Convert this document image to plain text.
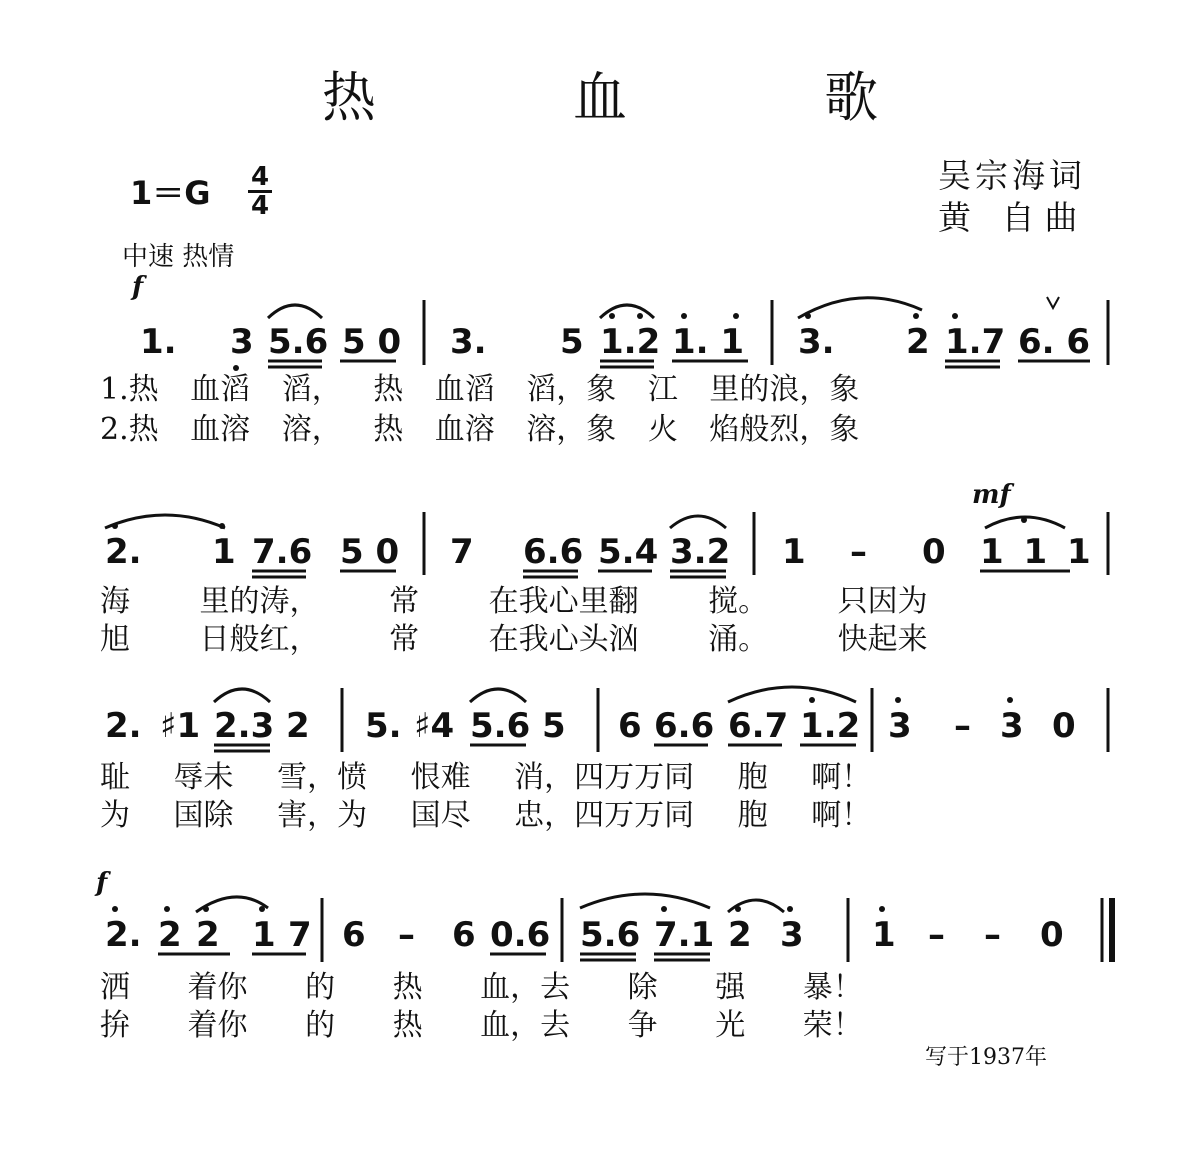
热 血 歌
吴宗海词
黄 自曲
1＝G 4
4
中速 热情
f
mf
f
1. 3 5.6 5 0 3. 5 1.2 1. 1 3. 2 1.7 6. 6
1.热 血滔 滔， 热 血滔 滔，象 江 里的浪，象
2.热 血溶 溶， 热 血溶 溶，象 火 焰般烈，象
2. 1 7.6 5 0 7 6.6 5.4 3.2 1 – 0 1 1 1
海 里的涛， 常 在我心里翻 搅。 只因为
旭 日般红， 常 在我心头汹 涌。 快起来
2. ♯1 2.3 2 5. ♯4 5.6 5 6 6.6 6.7 1.2 3 – 3 0
耻 辱未 雪，愤 恨难 消，四万万同 胞 啊！
为 国除 害，为 国尽 忠，四万万同 胞 啊！
2. 2 2 1 7 6 – 6 0.6 5.6 7.1 2 3 1 – – 0
洒 着你 的 热 血，去 除 强 暴！
拚 着你 的 热 血，去 争 光 荣！
写于1937年
